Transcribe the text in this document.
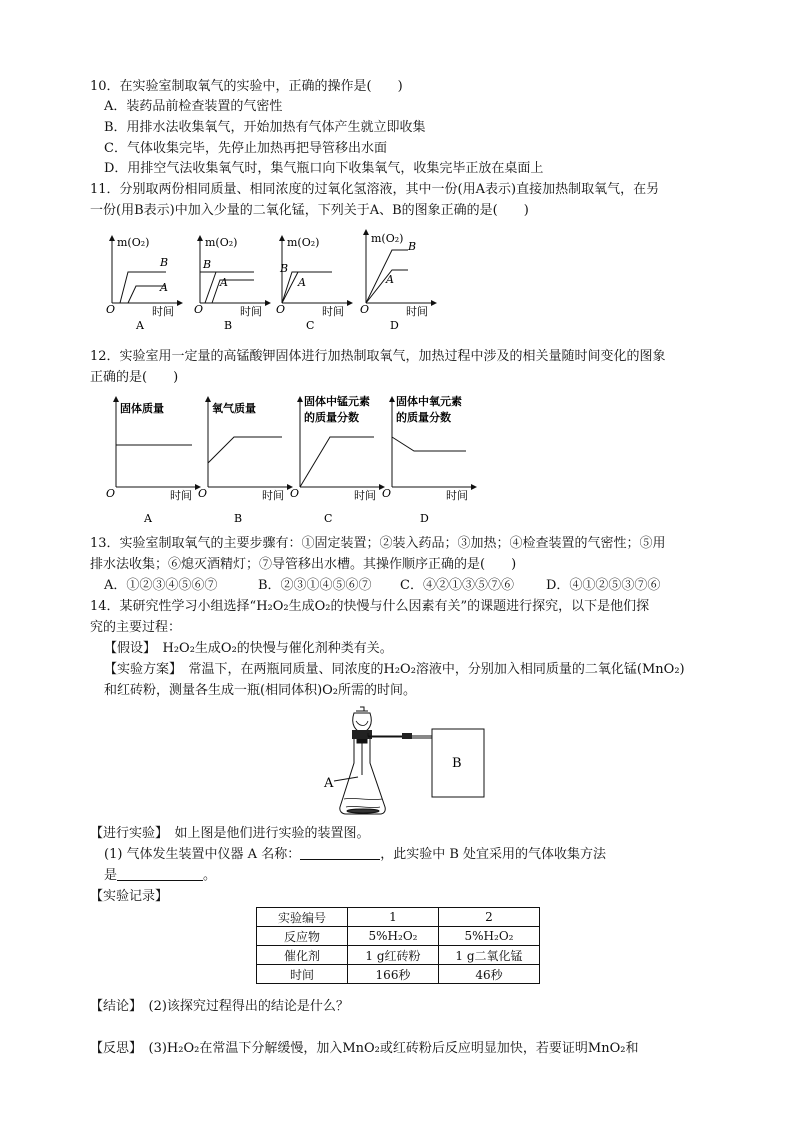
10．在实验室制取氧气的实验中，正确的操作是(　　)
A．装药品前检查装置的气密性
B．用排水法收集氧气，开始加热有气体产生就立即收集
C．气体收集完毕，先停止加热再把导管移出水面
D．用排空气法收集氧气时，集气瓶口向下收集氧气，收集完毕正放在桌面上
11．分别取两份相同质量、相同浓度的过氧化氢溶液，其中一份(用A表示)直接加热制取氧气，在另
一份(用B表示)中加入少量的二氧化锰，下列关于A、B的图象正确的是(　　)
m(O₂)
O	时间
B
A
A
m(O₂)
O	时间
B
A
B
m(O₂)
O	时间
B
A
C
m(O₂)
O	时间
B
A
D
12．实验室用一定量的高锰酸钾固体进行加热制取氧气，加热过程中涉及的相关量随时间变化的图象
正确的是(　　)
固体质量
O	时间
A
氧气质量
O	时间
B
固体中锰元素
的质量分数
O	时间
C
固体中氧元素
的质量分数
O	时间
D
13．实验室制取氧气的主要步骤有：①固定装置；②装入药品；③加热；④检查装置的气密性；⑤用
排水法收集；⑥熄灭酒精灯；⑦导管移出水槽。其操作顺序正确的是(　　)
A．①②③④⑤⑥⑦	B．②③①④⑤⑥⑦ C．④②①③⑤⑦⑥ D．④①②⑤③⑦⑥
14．某研究性学习小组选择“H₂O₂生成O₂的快慢与什么因素有关”的课题进行探究，以下是他们探
究的主要过程：
【假设】　H₂O₂生成O₂的快慢与催化剂种类有关。
【实验方案】　常温下，在两瓶同质量、同浓度的H₂O₂溶液中，分别加入相同质量的二氧化锰(MnO₂)
和红砖粉，测量各生成一瓶(相同体积)O₂所需的时间。
B
A
【进行实验】　如上图是他们进行实验的装置图。
(1) 气体发生装置中仪器 A 名称：	，此实验中 B 处宜采用的气体收集方法
是	。
【实验记录】
实验编号	1	2
反应物	5%H₂O₂	5%H₂O₂
催化剂	1 g红砖粉	1 g二氧化锰
时间	166秒	46秒
【结论】　(2)该探究过程得出的结论是什么？
【反思】　(3)H₂O₂在常温下分解缓慢，加入MnO₂或红砖粉后反应明显加快，若要证明MnO₂和
